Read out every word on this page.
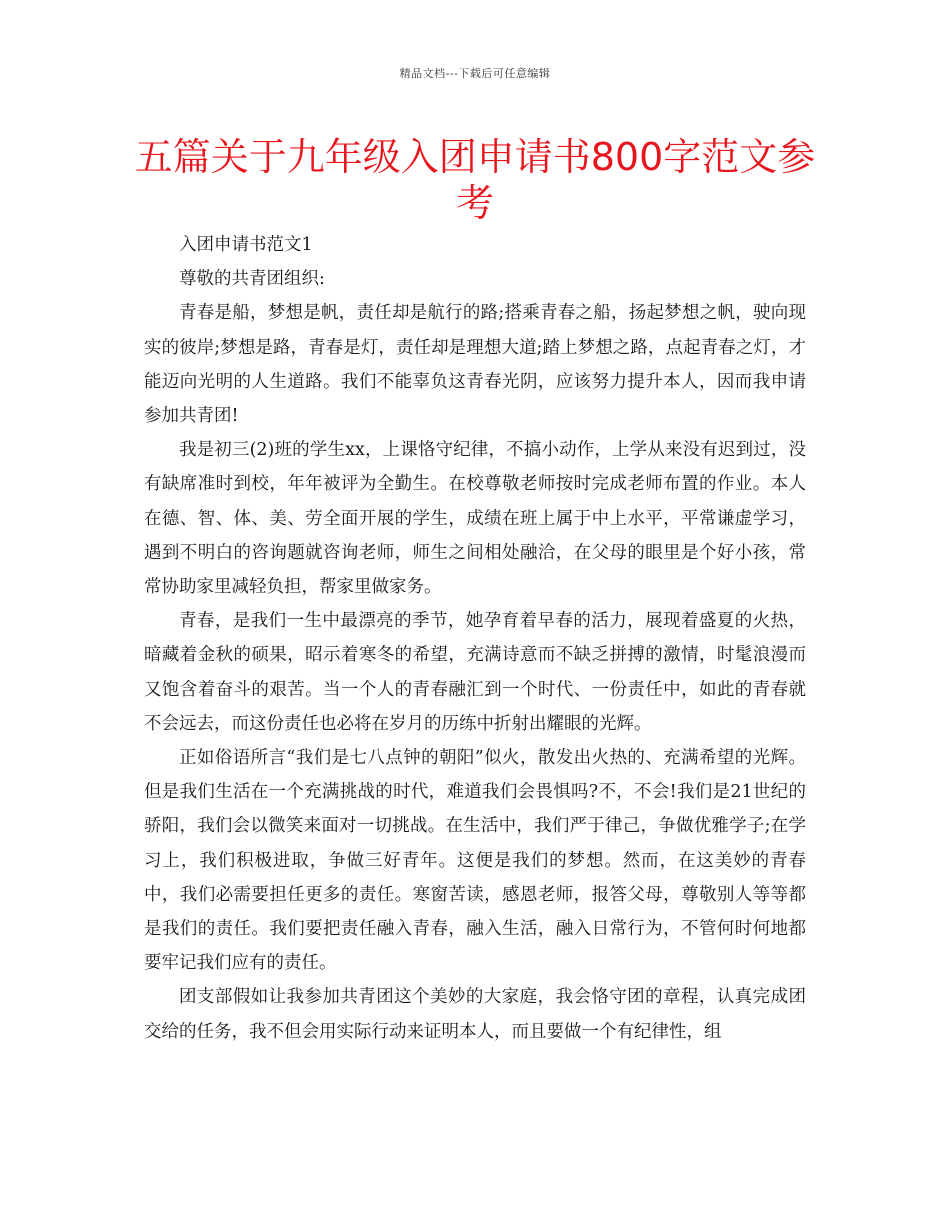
精品文档---下载后可任意编辑
五篇关于九年级入团申请书800字范文参考

入团申请书范文1

尊敬的共青团组织:

青春是船，梦想是帆，责任却是航行的路;搭乘青春之船，扬起梦想之帆，驶向现实的彼岸;梦想是路，青春是灯，责任却是理想大道;踏上梦想之路，点起青春之灯，才能迈向光明的人生道路。我们不能辜负这青春光阴，应该努力提升本人，因而我申请参加共青团!

我是初三(2)班的学生xx，上课恪守纪律，不搞小动作，上学从来没有迟到过，没有缺席准时到校，年年被评为全勤生。在校尊敬老师按时完成老师布置的作业。本人在德、智、体、美、劳全面开展的学生，成绩在班上属于中上水平，平常谦虚学习，遇到不明白的咨询题就咨询老师，师生之间相处融洽，在父母的眼里是个好小孩，常常协助家里减轻负担，帮家里做家务。

青春，是我们一生中最漂亮的季节，她孕育着早春的活力，展现着盛夏的火热，暗藏着金秋的硕果，昭示着寒冬的希望，充满诗意而不缺乏拼搏的激情，时髦浪漫而又饱含着奋斗的艰苦。当一个人的青春融汇到一个时代、一份责任中，如此的青春就不会远去，而这份责任也必将在岁月的历练中折射出耀眼的光辉。

正如俗语所言“我们是七八点钟的朝阳”似火，散发出火热的、充满希望的光辉。但是我们生活在一个充满挑战的时代，难道我们会畏惧吗?不，不会!我们是21世纪的骄阳，我们会以微笑来面对一切挑战。在生活中，我们严于律己，争做优雅学子;在学习上，我们积极进取，争做三好青年。这便是我们的梦想。然而，在这美妙的青春中，我们必需要担任更多的责任。寒窗苦读，感恩老师，报答父母，尊敬别人等等都是我们的责任。我们要把责任融入青春，融入生活，融入日常行为，不管何时何地都要牢记我们应有的责任。

团支部假如让我参加共青团这个美妙的大家庭，我会恪守团的章程，认真完成团交给的任务，我不但会用实际行动来证明本人，而且要做一个有纪律性，组
